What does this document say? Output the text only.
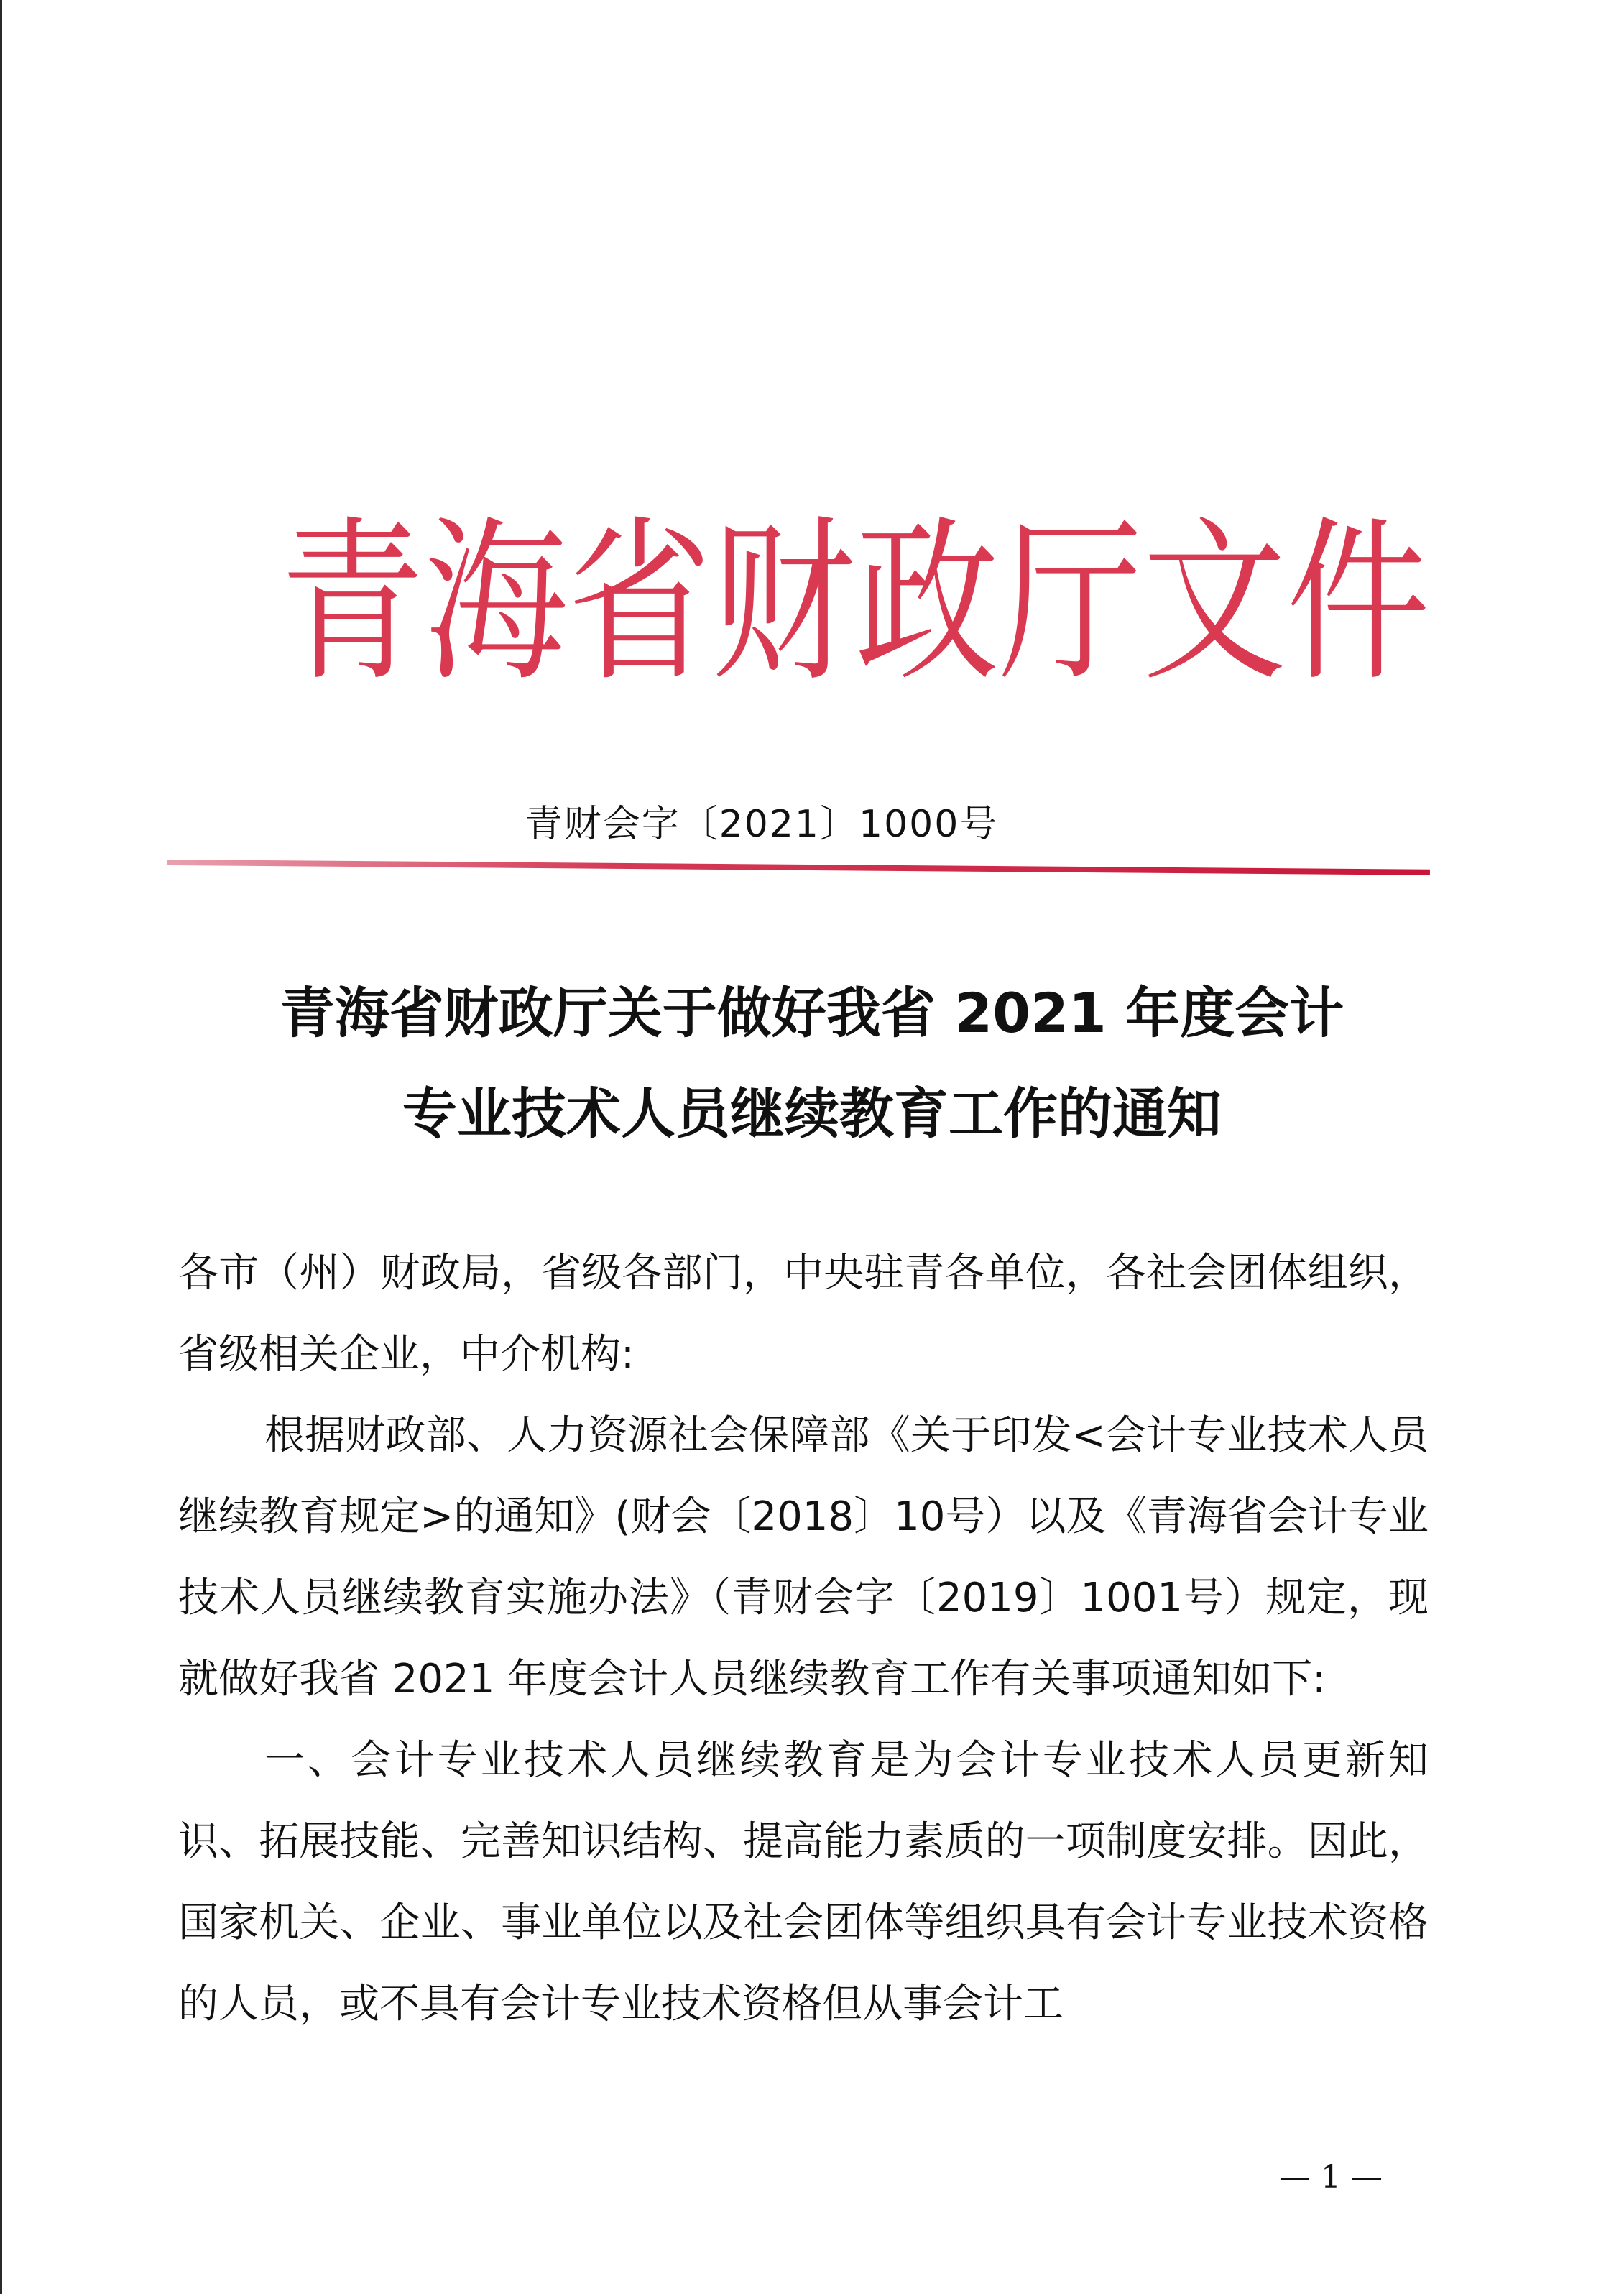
青 海 省 财 政 厅 文 件
青财会字〔2021〕1000号
青海省财政厅关于做好我省 2021 年度会计
专业技术人员继续教育工作的通知

各市（州）财政局，省级各部门，中央驻青各单位，各社会团体组织，省级相关企业，中介机构:

根据财政部、人力资源社会保障部《关于印发<会计专业技术人员继续教育规定>的通知》(财会〔2018〕10号）以及《青海省会计专业技术人员继续教育实施办法》（青财会字〔2019〕1001号）规定，现就做好我省 2021 年度会计人员继续教育工作有关事项通知如下:

一、会计专业技术人员继续教育是为会计专业技术人员更新知识、拓展技能、完善知识结构、提高能力素质的一项制度安排。因此，国家机关、企业、事业单位以及社会团体等组织具有会计专业技术资格的人员，或不具有会计专业技术资格但从事会计工

— 1 —
